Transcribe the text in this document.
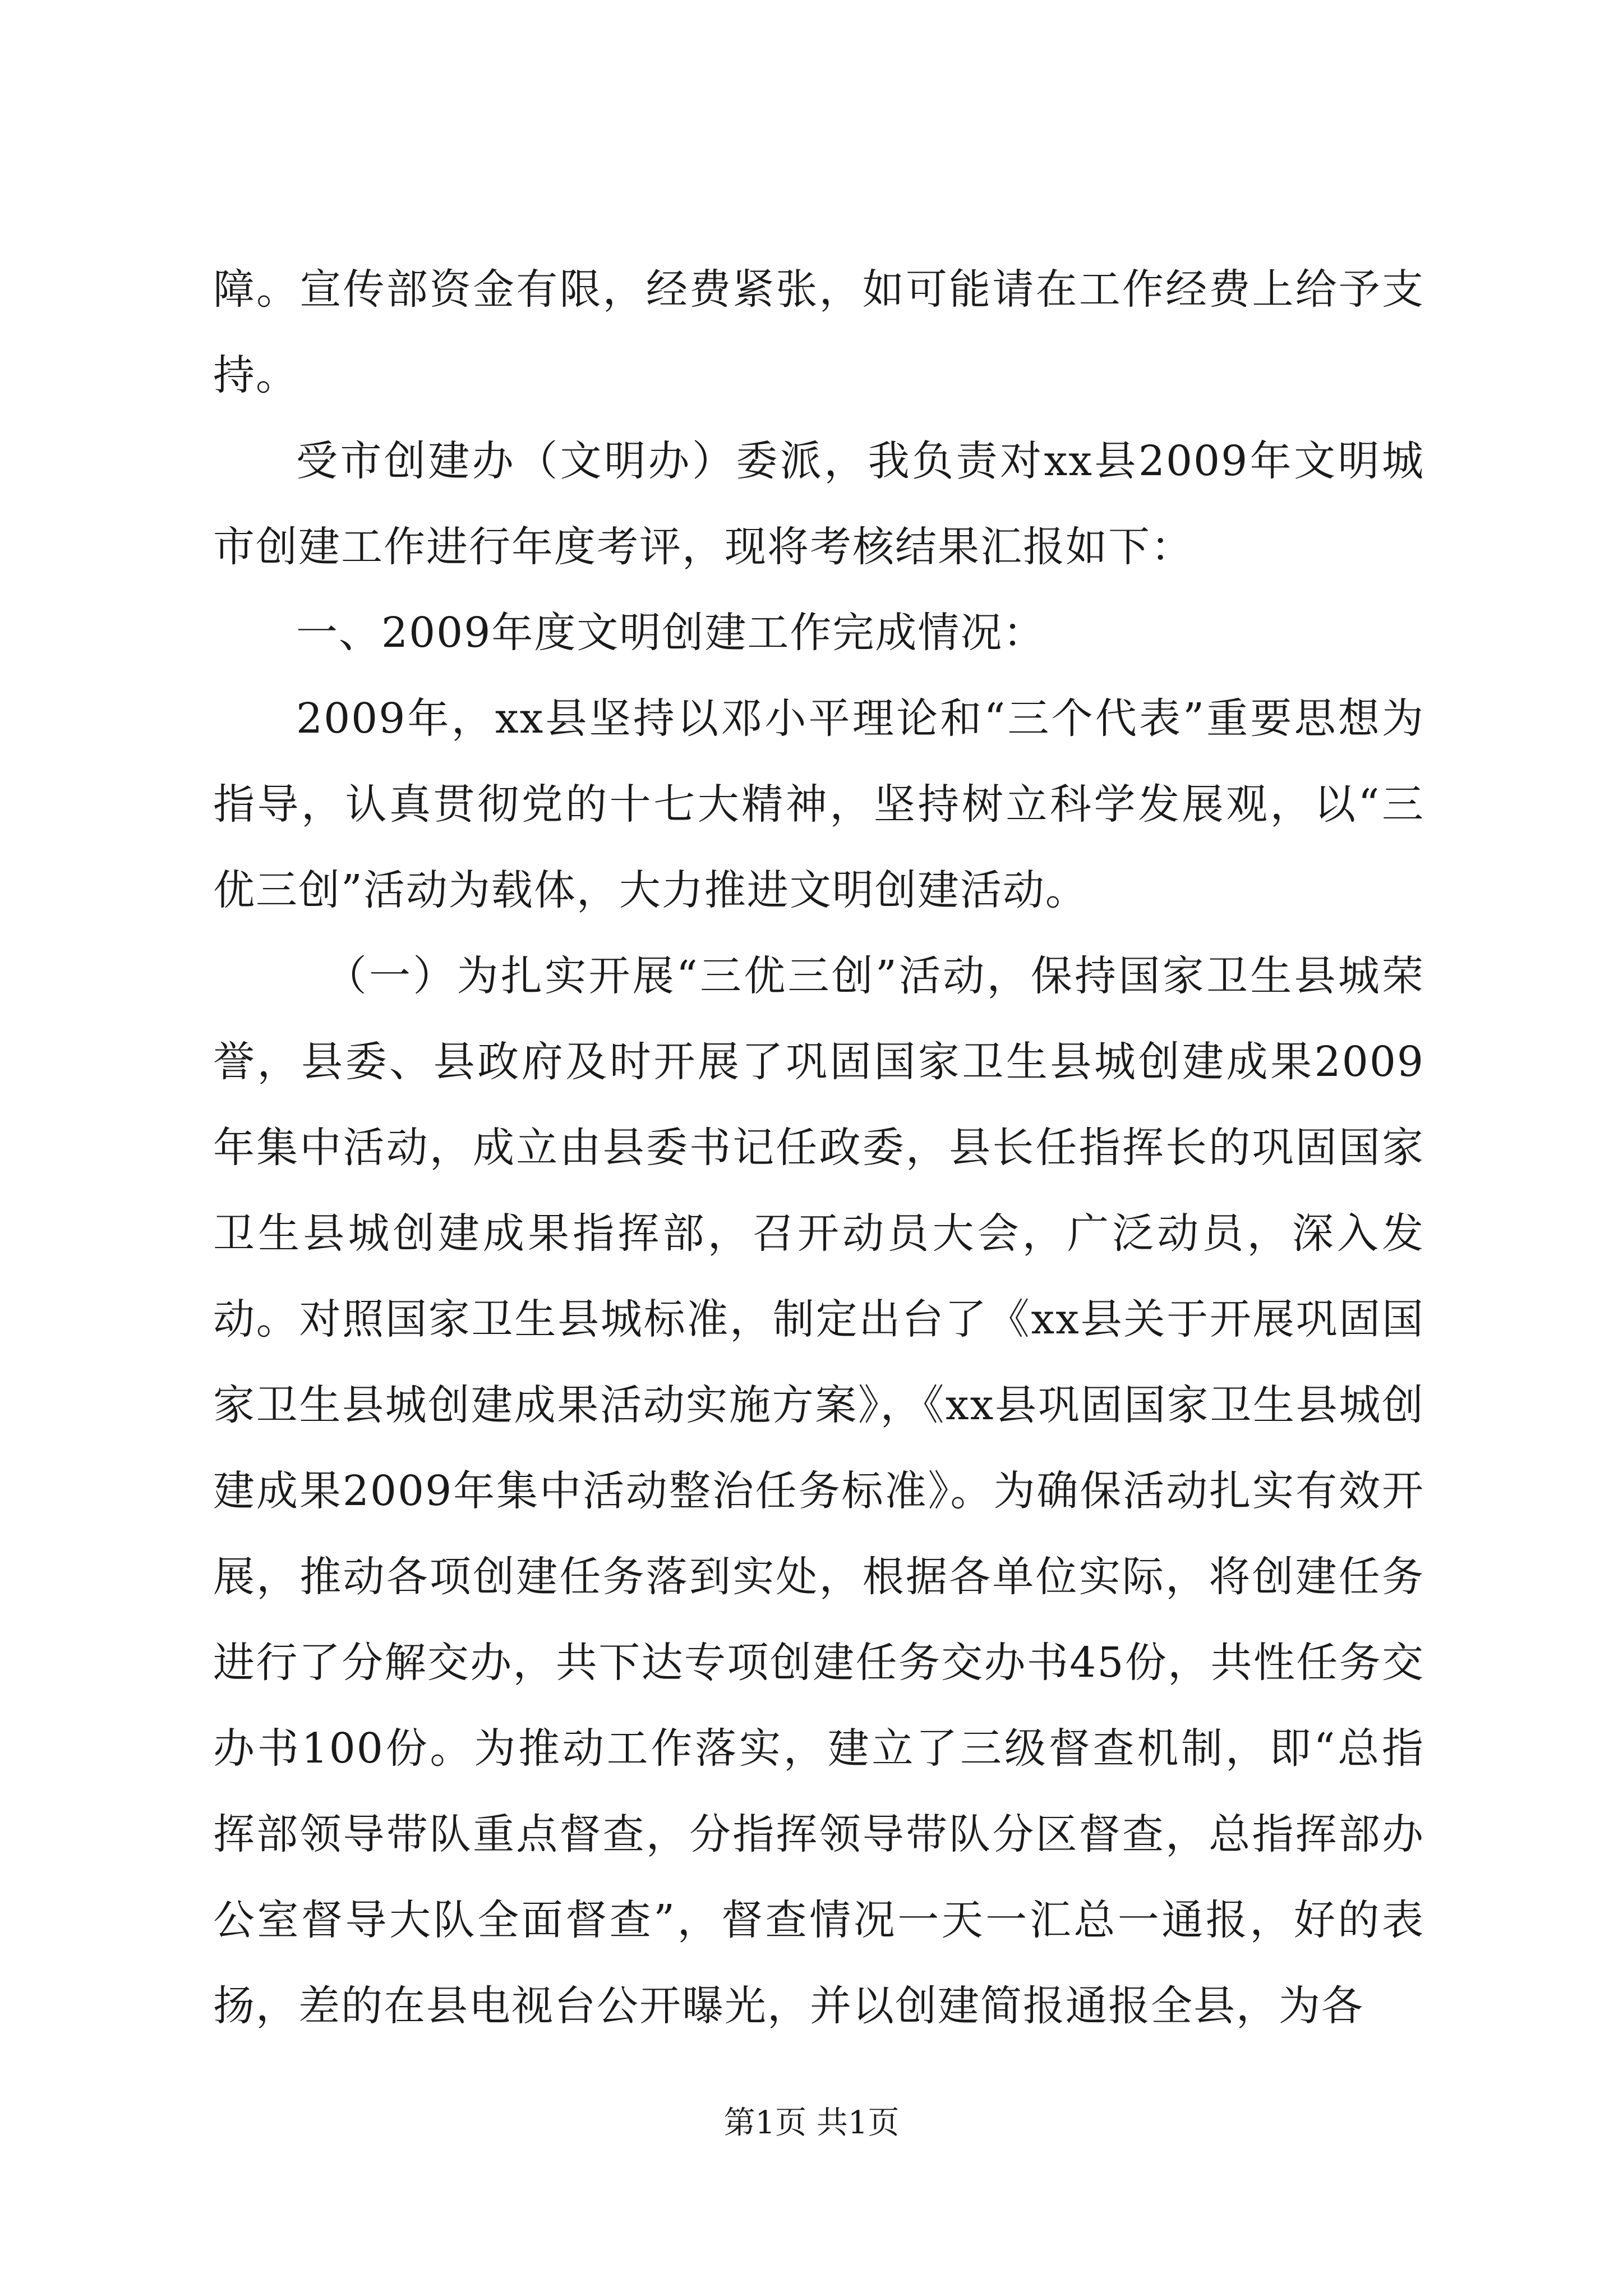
障。宣传部资金有限，经费紧张，如可能请在工作经费上给予支持。

受市创建办（文明办）委派，我负责对xx县2009年文明城市创建工作进行年度考评，现将考核结果汇报如下：

一、2009年度文明创建工作完成情况：

2009年，xx县坚持以邓小平理论和“三个代表”重要思想为指导，认真贯彻党的十七大精神，坚持树立科学发展观，以“三优三创”活动为载体，大力推进文明创建活动。

（一）为扎实开展“三优三创”活动，保持国家卫生县城荣誉，县委、县政府及时开展了巩固国家卫生县城创建成果2009年集中活动，成立由县委书记任政委，县长任指挥长的巩固国家卫生县城创建成果指挥部，召开动员大会，广泛动员，深入发动。对照国家卫生县城标准，制定出台了《xx县关于开展巩固国家卫生县城创建成果活动实施方案》，《xx县巩固国家卫生县城创建成果2009年集中活动整治任务标准》。为确保活动扎实有效开展，推动各项创建任务落到实处，根据各单位实际，将创建任务进行了分解交办，共下达专项创建任务交办书45份，共性任务交办书100份。为推动工作落实，建立了三级督查机制，即“总指挥部领导带队重点督查，分指挥领导带队分区督查，总指挥部办公室督导大队全面督查”，督查情况一天一汇总一通报，好的表扬，差的在县电视台公开曝光，并以创建简报通报全县，为各

第1页 共1页
